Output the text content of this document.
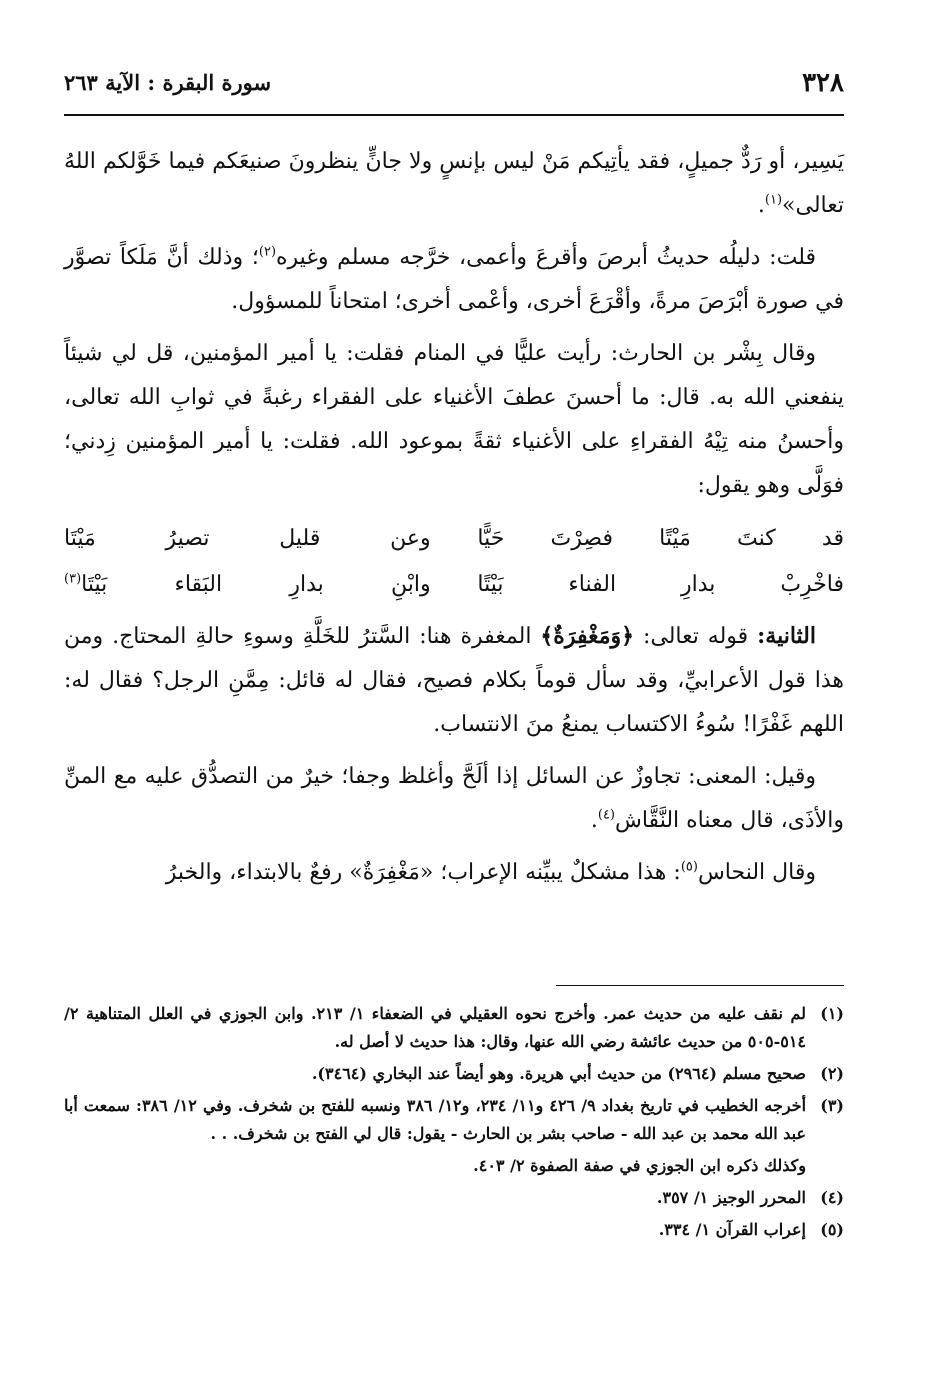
٣٢٨
سورة البقرة : الآية ٢٦٣

يَسِير، أو رَدٌّ جميلٍ، فقد يأتِيكم مَنْ ليس بإنسٍ ولا جانٍّ ينظرونَ صنيعَكم فيما خَوَّلكم اللهُ تعالى»$^{(١)}$.

قلت: دليلُه حديثُ أبرصَ وأقرعَ وأعمى، خرَّجه مسلم وغيره$^{(٢)}$؛ وذلك أنَّ مَلَكاً تصوَّر في صورة أبْرَصَ مرةً، وأقْرَعَ أخرى، وأعْمى أخرى؛ امتحاناً للمسؤول.

وقال بِشْر بن الحارث: رأيت عليًّا في المنام فقلت: يا أمير المؤمنين، قل لي شيئاً ينفعني الله به. قال: ما أحسنَ عطفَ الأغنياء على الفقراء رغبةً في ثوابِ الله تعالى، وأحسنُ منه تِيْهُ الفقراءِ على الأغنياء ثقةً بموعود الله. فقلت: يا أمير المؤمنين زِدني؛ فوَلَّى وهو يقول:

قد كنتَ مَيْتًا فصِرْتَ حَيًّا
وعن قليل تصيرُ مَيْتَا
فاخْرِبْ بدارِ الفناء بَيْتًا
وابْنِ بدارِ البَقاء بَيْتَا$^{(٣)}$

الثانية: قوله تعالى: ﴿وَمَغْفِرَةٌ﴾ المغفرة هنا: السَّترُ للخَلَّةِ وسوءِ حالةِ المحتاج. ومن هذا قول الأعرابيِّ، وقد سأل قوماً بكلام فصيح، فقال له قائل: مِمَّنِ الرجل؟ فقال له: اللهم غَفْرًا! سُوءُ الاكتساب يمنعُ منَ الانتساب.

وقيل: المعنى: تجاوزٌ عن السائل إذا ألَحَّ وأغلظ وجفا؛ خيرٌ من التصدُّق عليه مع المنِّ والأذَى، قال معناه النَّقَّاش$^{(٤)}$.

وقال النحاس$^{(٥)}$: هذا مشكلٌ يبيِّنه الإعراب؛ «مَغْفِرَةٌ» رفعٌ بالابتداء، والخبرُ

(١)
لم نقف عليه من حديث عمر. وأخرج نحوه العقيلي في الضعفاء ١/ ٢١٣. وابن الجوزي في العلل المتناهية ٢/ ٥١٤-٥٠٥ من حديث عائشة رضي الله عنها، وقال: هذا حديث لا أصل له.
(٢)
صحيح مسلم (٢٩٦٤) من حديث أبي هريرة. وهو أيضاً عند البخاري (٣٤٦٤).
(٣)
أخرجه الخطيب في تاريخ بغداد ٩/ ٤٢٦ و١١/ ٢٣٤، و١٢/ ٣٨٦ ونسبه للفتح بن شخرف. وفي ١٢/ ٣٨٦: سمعت أبا عبد الله محمد بن عبد الله - صاحب بشر بن الحارث - يقول: قال لي الفتح بن شخرف. . .
وكذلك ذكره ابن الجوزي في صفة الصفوة ٢/ ٤٠٣.
(٤)
المحرر الوجيز ١/ ٣٥٧.
(٥)
إعراب القرآن ١/ ٣٣٤.
